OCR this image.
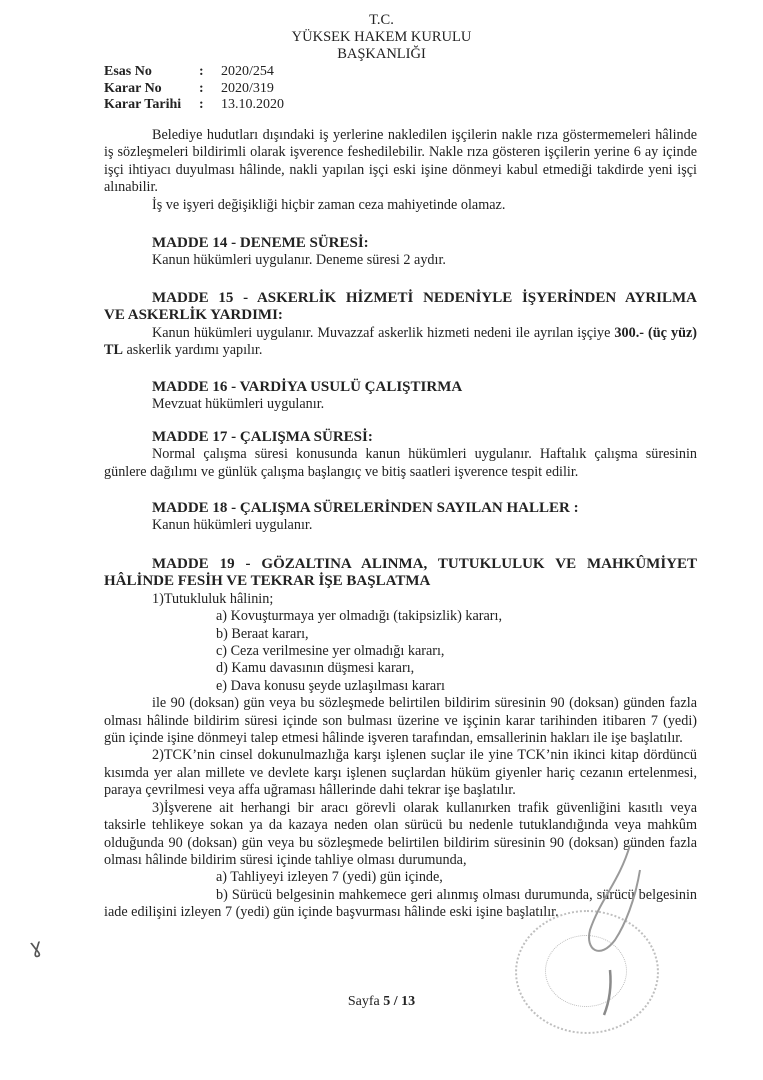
T.C.
YÜKSEK HAKEM KURULU
BAŞKANLIĞI
Esas No	:	2020/254
Karar No	:	2020/319
Karar Tarihi	:	13.10.2020

Belediye hudutları dışındaki iş yerlerine nakledilen işçilerin nakle rıza göstermemeleri hâlinde iş sözleşmeleri bildirimli olarak işverence feshedilebilir. Nakle rıza gösteren işçilerin yerine 6 ay içinde işçi ihtiyacı duyulması hâlinde, nakli yapılan işçi eski işine dönmeyi kabul etmediği takdirde yeni işçi alınabilir.

İş ve işyeri değişikliği hiçbir zaman ceza mahiyetinde olamaz.

MADDE 14 - DENEME SÜRESİ:

Kanun hükümleri uygulanır. Deneme süresi 2 aydır.

MADDE 15 - ASKERLİK HİZMETİ NEDENİYLE İŞYERİNDEN AYRILMA

VE ASKERLİK YARDIMI:

Kanun hükümleri uygulanır. Muvazzaf askerlik hizmeti nedeni ile ayrılan işçiye 300.- (üç yüz) TL askerlik yardımı yapılır.

MADDE 16 - VARDİYA USULÜ ÇALIŞTIRMA

Mevzuat hükümleri uygulanır.

MADDE 17 - ÇALIŞMA SÜRESİ:

Normal çalışma süresi konusunda kanun hükümleri uygulanır. Haftalık çalışma süresinin günlere dağılımı ve günlük çalışma başlangıç ve bitiş saatleri işverence tespit edilir.

MADDE 18 - ÇALIŞMA SÜRELERİNDEN SAYILAN HALLER :

Kanun hükümleri uygulanır.

MADDE 19 - GÖZALTINA ALINMA, TUTUKLULUK VE MAHKÛMİYET

HÂLİNDE FESİH VE TEKRAR İŞE BAŞLATMA

1)Tutukluluk hâlinin;

a) Kovuşturmaya yer olmadığı (takipsizlik) kararı,

b) Beraat kararı,

c) Ceza verilmesine yer olmadığı kararı,

d) Kamu davasının düşmesi kararı,

e) Dava konusu şeyde uzlaşılması kararı

ile 90 (doksan) gün veya bu sözleşmede belirtilen bildirim süresinin 90 (doksan) günden fazla olması hâlinde bildirim süresi içinde son bulması üzerine ve işçinin karar tarihinden itibaren 7 (yedi) gün içinde işine dönmeyi talep etmesi hâlinde işveren tarafından, emsallerinin hakları ile işe başlatılır.

2)TCK’nin cinsel dokunulmazlığa karşı işlenen suçlar ile yine TCK’nin ikinci kitap dördüncü kısımda yer alan millete ve devlete karşı işlenen suçlardan hüküm giyenler hariç cezanın ertelenmesi, paraya çevrilmesi veya affa uğraması hâllerinde dahi tekrar işe başlatılır.

3)İşverene ait herhangi bir aracı görevli olarak kullanırken trafik güvenliğini kasıtlı veya taksirle tehlikeye sokan ya da kazaya neden olan sürücü bu nedenle tutuklandığında veya mahkûm olduğunda 90 (doksan) gün veya bu sözleşmede belirtilen bildirim süresinin 90 (doksan) günden fazla olması hâlinde bildirim süresi içinde tahliye olması durumunda,

a) Tahliyeyi izleyen 7 (yedi) gün içinde,

b) Sürücü belgesinin mahkemece geri alınmış olması durumunda, sürücü belgesinin iade edilişini izleyen 7 (yedi) gün içinde başvurması hâlinde eski işine başlatılır.

ɣ
Sayfa 5 / 13
